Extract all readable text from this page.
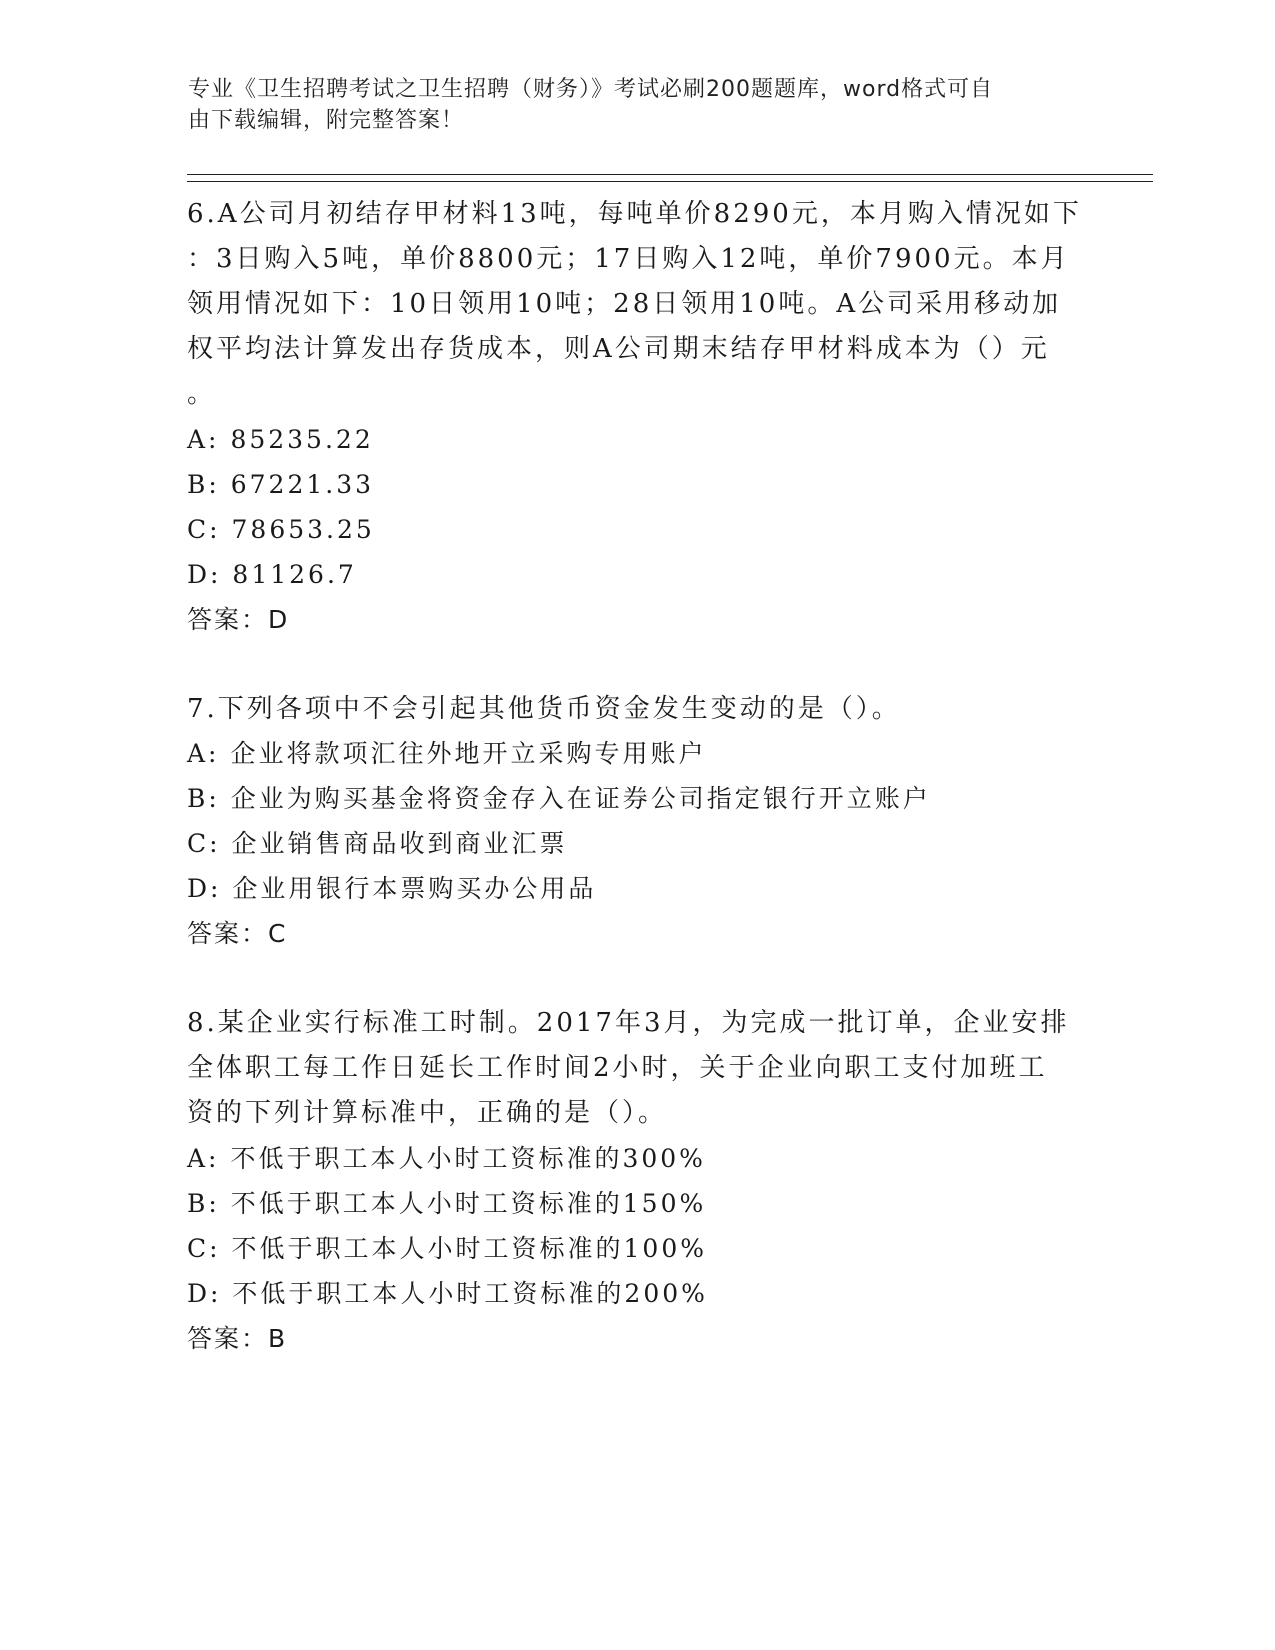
专业《卫生招聘考试之卫生招聘（财务）》考试必刷200题题库，word格式可自
由下载编辑，附完整答案！
6.A公司月初结存甲材料13吨，每吨单价8290元，本月购入情况如下
：3日购入5吨，单价8800元；17日购入12吨，单价7900元。本月
领用情况如下：10日领用10吨；28日领用10吨。A公司采用移动加
权平均法计算发出存货成本，则A公司期末结存甲材料成本为（）元
。
A: 85235.22
B: 67221.33
C: 78653.25
D: 81126.7
答案：D
7.下列各项中不会引起其他货币资金发生变动的是（）。
A: 企业将款项汇往外地开立采购专用账户
B: 企业为购买基金将资金存入在证券公司指定银行开立账户
C: 企业销售商品收到商业汇票
D: 企业用银行本票购买办公用品
答案：C
8.某企业实行标准工时制。2017年3月，为完成一批订单，企业安排
全体职工每工作日延长工作时间2小时，关于企业向职工支付加班工
资的下列计算标准中，正确的是（）。
A: 不低于职工本人小时工资标准的300%
B: 不低于职工本人小时工资标准的150%
C: 不低于职工本人小时工资标准的100%
D: 不低于职工本人小时工资标准的200%
答案：B
